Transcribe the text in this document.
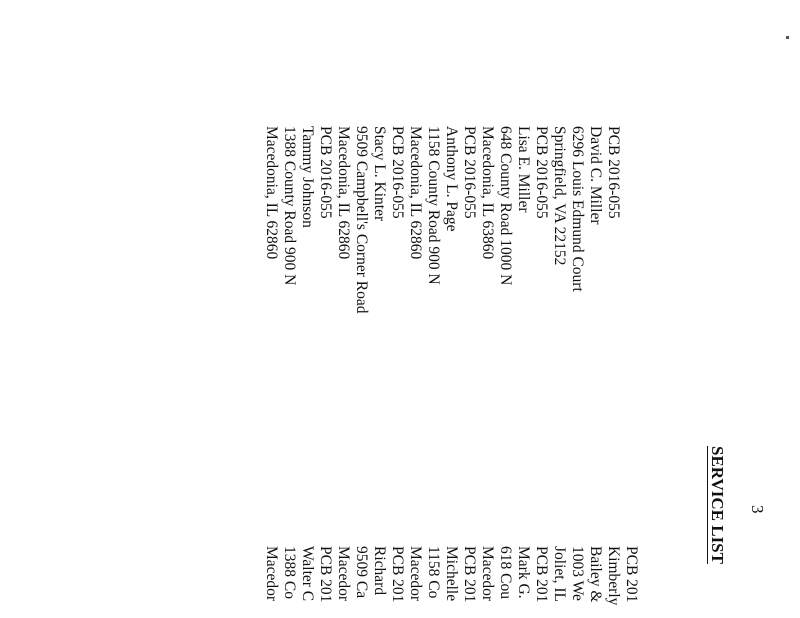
3
SERVICE LIST
PCB 2016-055
David C. Miller
6296 Louis Edmund Court
Springfield, VA 22152
PCB 2016-055
Lisa E. Miller
648 County Road 1000 N
Macedonia, IL 63860
PCB 2016-055
Anthony L. Page
1158 County Road 900 N
Macedonia, IL 62860
PCB 2016-055
Stacy L. Kinter
9509 Campbell's Corner Road
Macedonia, IL 62860
PCB 2016-055
Tammy Johnson
1388 County Road 900 N
Macedonia, IL 62860
PCB 201
Kimberly
Bailey &
1003 We
Joliet, IL
PCB 201
Mark G.
618 Cou
Macedor
PCB 201
Michelle
1158 Co
Macedor
PCB 201
Richard
9509 Ca
Macedor
PCB 201
Walter C
1388 Co
Macedor
